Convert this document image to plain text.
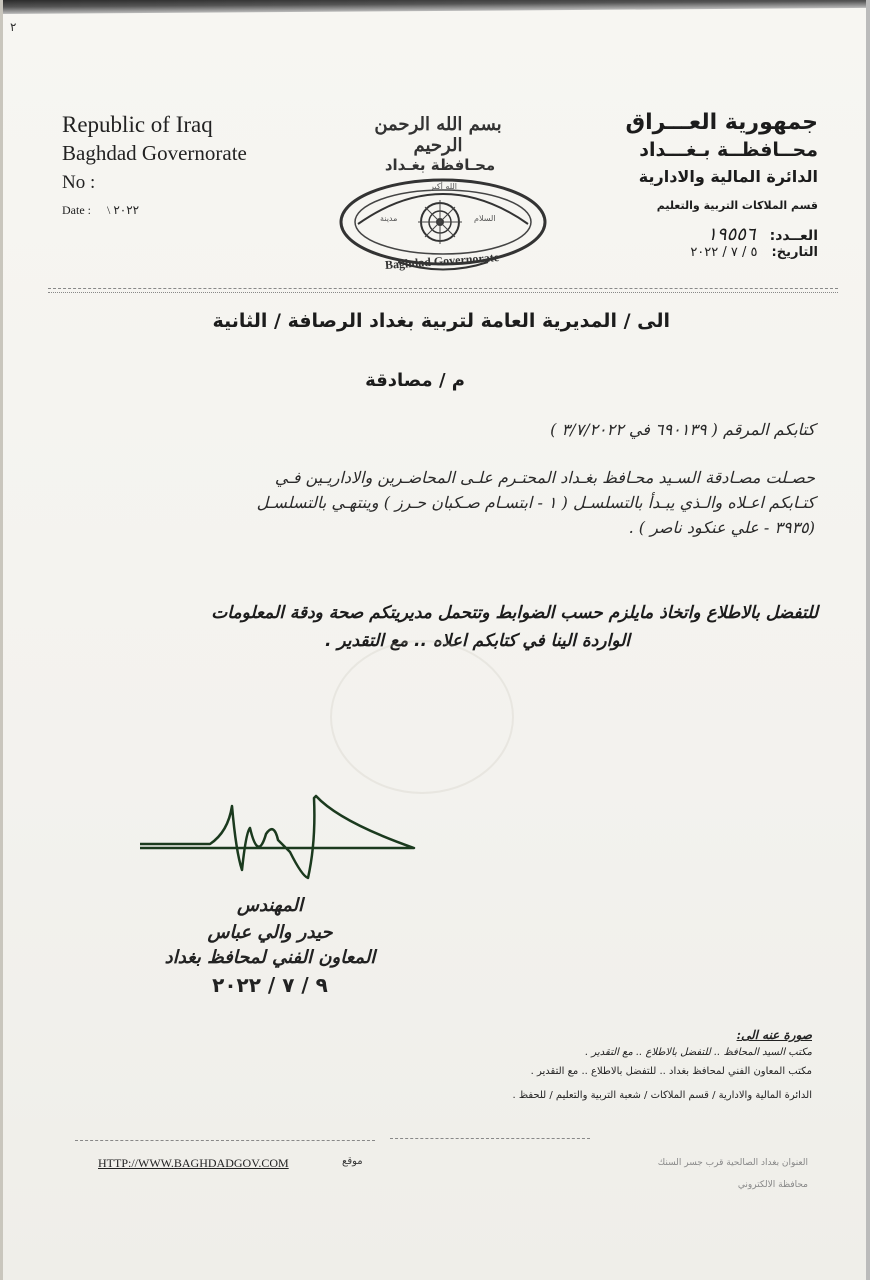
٢
Republic of Iraq
Baghdad Governorate
No :
Date : \ ٢٠٢٢
بسم الله الرحمن الرحيم
محـافظة بغـداد
الله أكبر
مدينة	السلام
Baghdad Governorate
جمهورية العـــراق
محــافظــة بـغـــداد
الدائرة المالية والادارية
قسم الملاكات التربية والتعليم
العــدد:١٩٥٥٦
التاريخ:٥ / ٧ / ٢٠٢٢
الى / المديرية العامة لتربية بغداد الرصافة / الثانية
م / مصادقة
كتابكم المرقم ( ٦٩٠١٣٩ في ٣/٧/٢٠٢٢ )
حصـلت مصـادقة السـيد محـافظ بغـداد المحتـرم علـى المحاضـرين والاداريـين فـي
كتـابكم اعـلاه والـذي يبـدأ بالتسلسـل ( ١ - ابتسـام صـكبان حـرز ) وينتهـي بالتسلسـل
(٣٩٣٥ - علي عنكود ناصر ) .
للتفضل بالاطلاع واتخاذ مايلزم حسب الضوابط وتتحمل مديريتكم صحة ودقة المعلومات
الواردة الينا في كتابكم اعلاه .. مع التقدير .
المهندس
حيدر والي عباس
المعاون الفني لمحافظ بغداد
٩ / ٧ / ٢٠٢٢
صورة عنه الى:
مكتب السيد المحافظ .. للتفضل بالاطلاع .. مع التقدير .
مكتب المعاون الفني لمحافظ بغداد .. للتفضل بالاطلاع .. مع التقدير .
الدائرة المالية والادارية / قسم الملاكات / شعبة التربية والتعليم / للحفظ .
HTTP://WWW.BAGHDADGOV.COM	موقع	العنوان بغداد الصالحية قرب جسر السنك
محافظة الالكتروني
